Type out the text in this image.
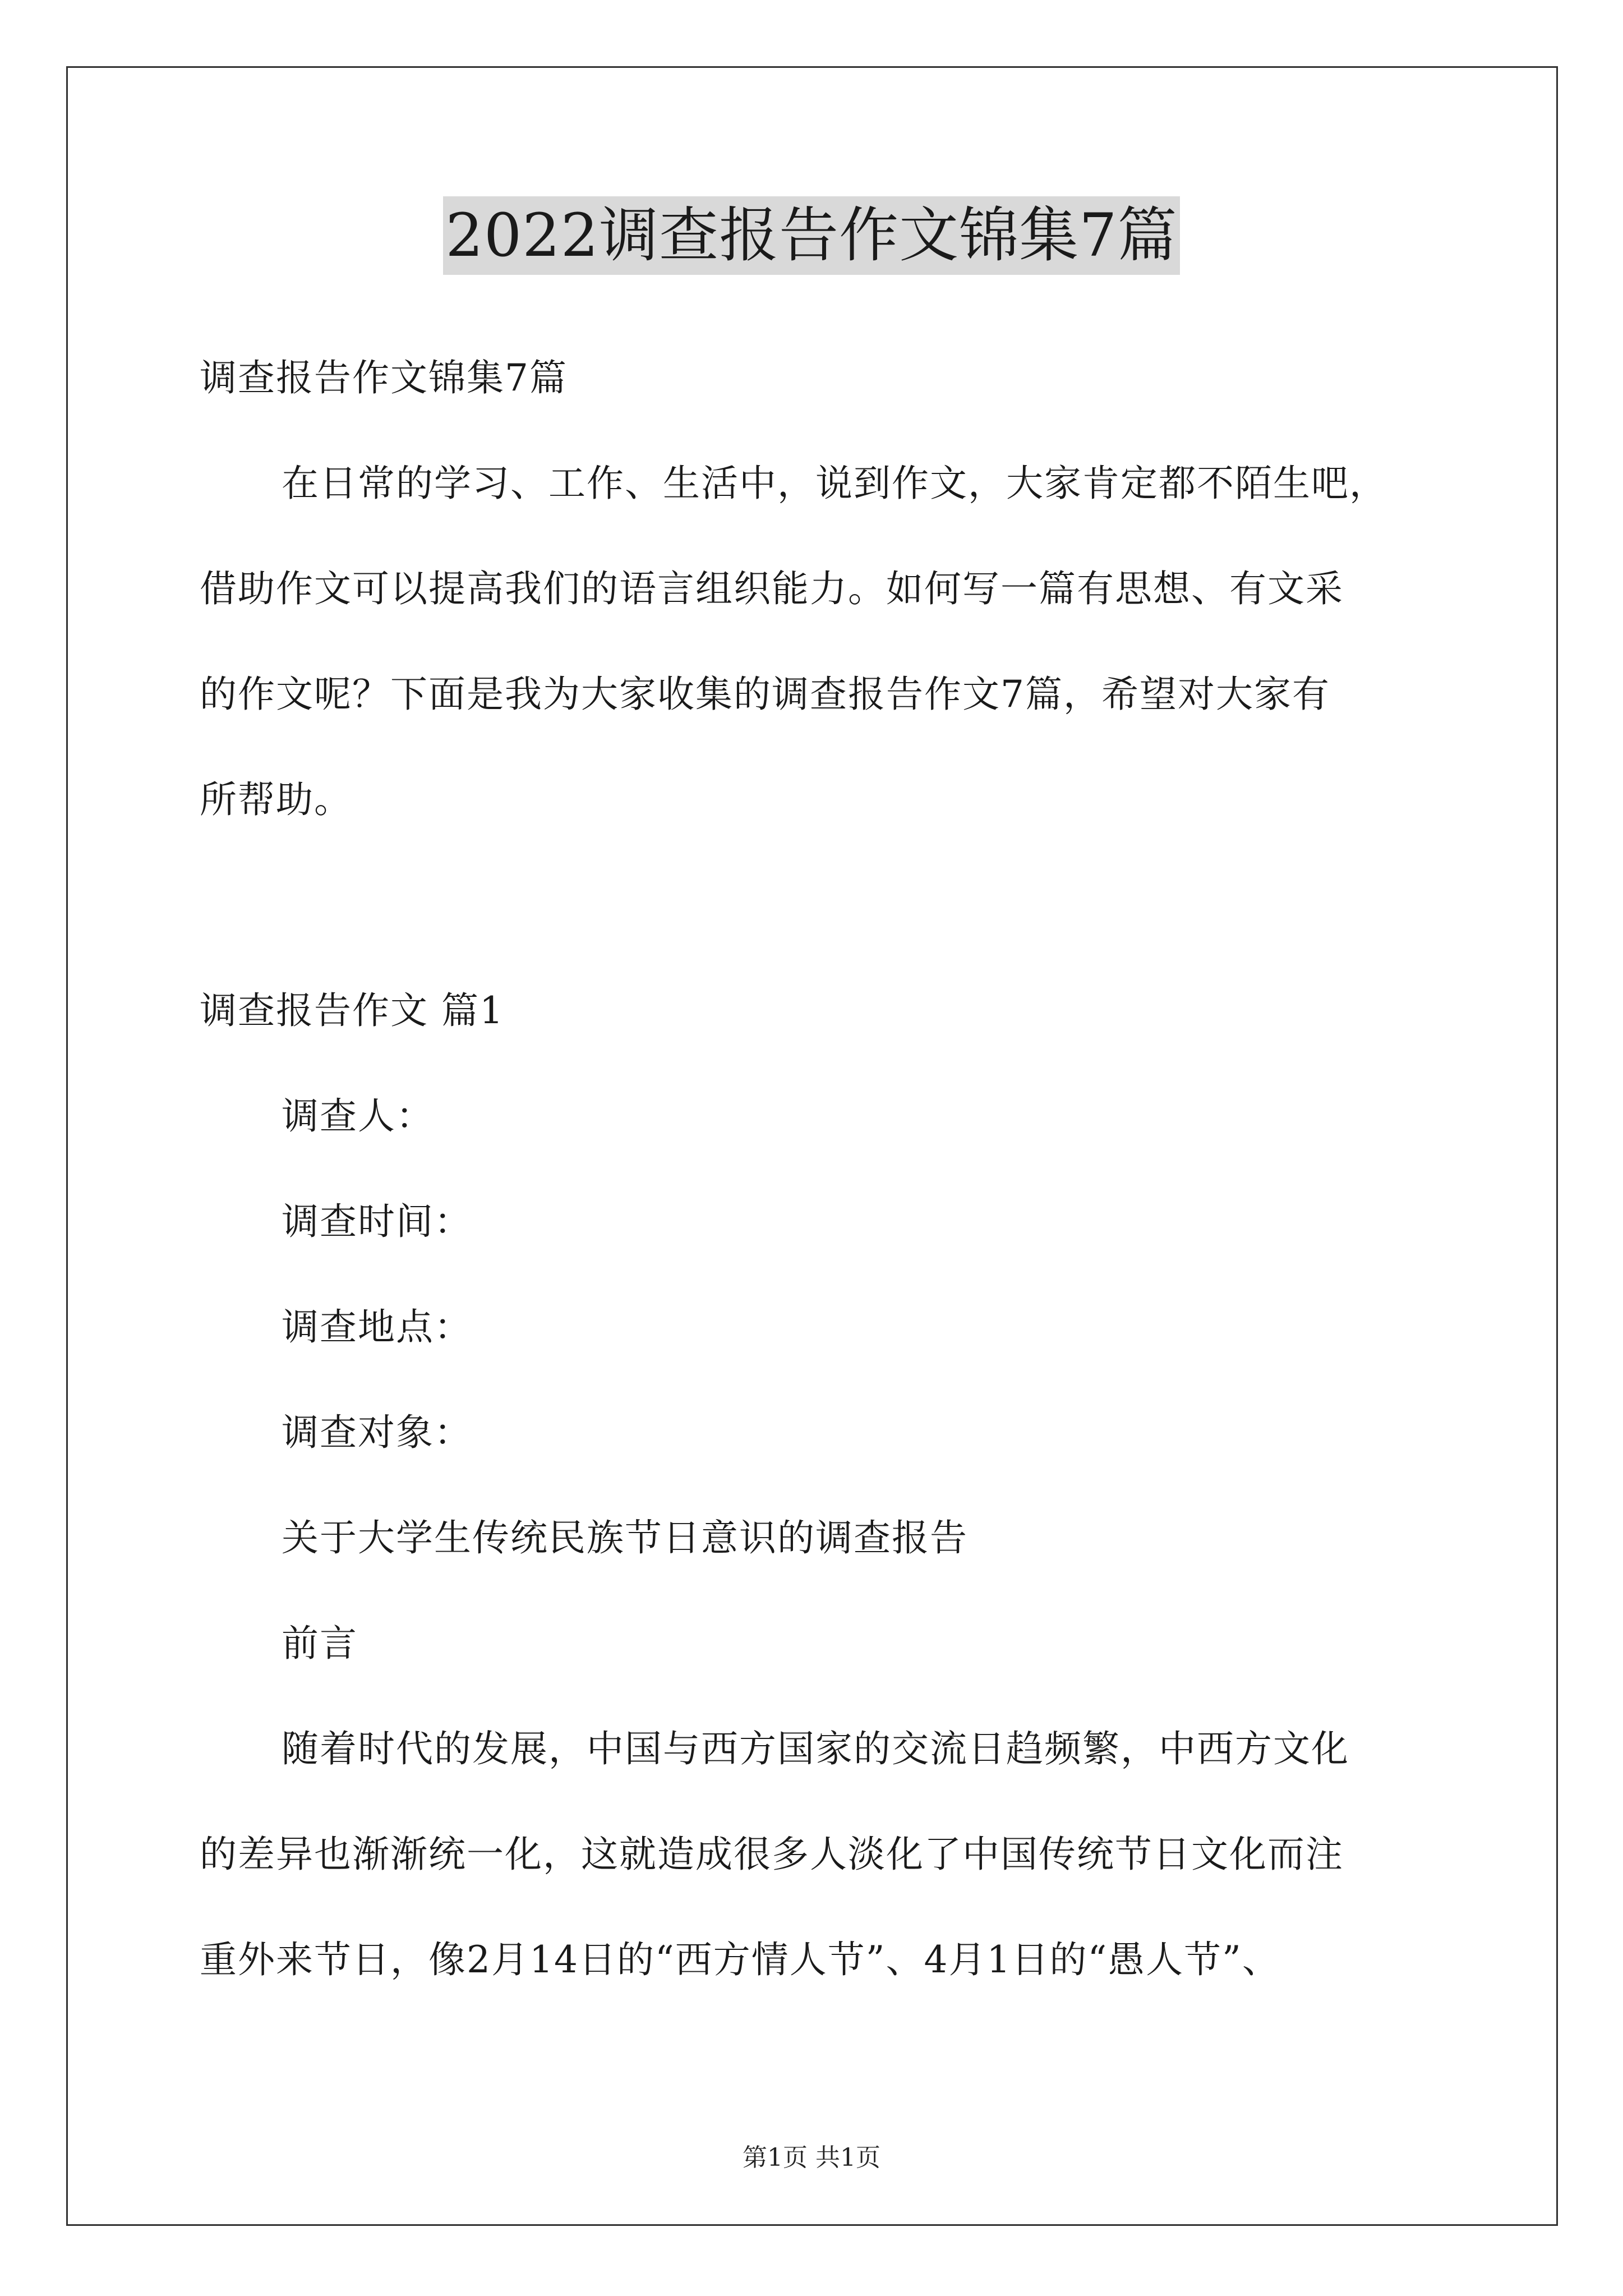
2022调查报告作文锦集7篇
调查报告作文锦集7篇
在日常的学习、工作、生活中，说到作文，大家肯定都不陌生吧，
借助作文可以提高我们的语言组织能力。如何写一篇有思想、有文采
的作文呢？下面是我为大家收集的调查报告作文7篇，希望对大家有
所帮助。
调查报告作文 篇1
调查人：
调查时间：
调查地点：
调查对象：
关于大学生传统民族节日意识的调查报告
前言
随着时代的发展，中国与西方国家的交流日趋频繁，中西方文化
的差异也渐渐统一化，这就造成很多人淡化了中国传统节日文化而注
重外来节日，像2月14日的“西方情人节”、4月1日的“愚人节”、
第1页 共1页
